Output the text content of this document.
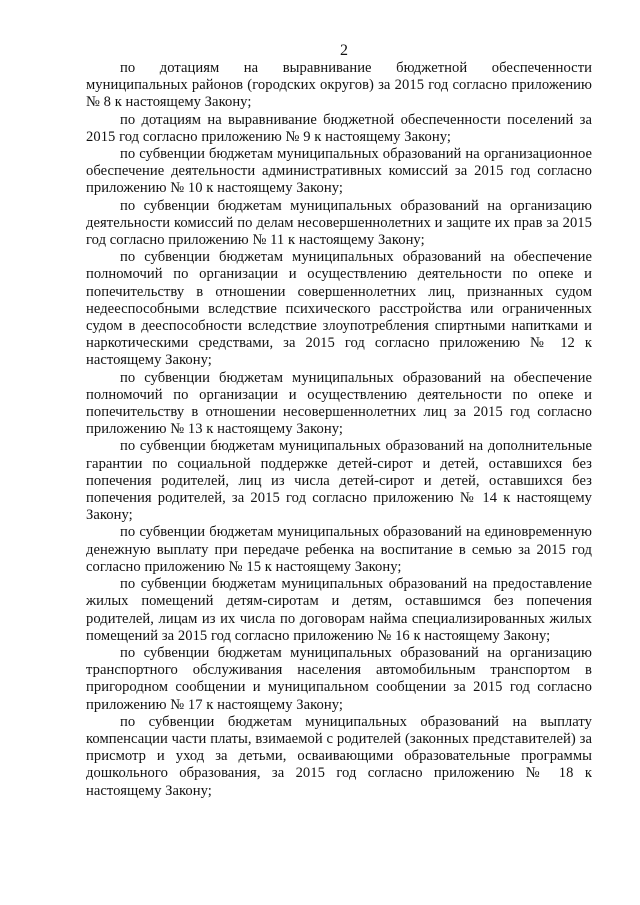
2

по дотациям на выравнивание бюджетной обеспеченности муниципальных районов (городских округов) за 2015 год согласно приложению № 8 к настоящему Закону;

по дотациям на выравнивание бюджетной обеспеченности поселений за 2015 год согласно приложению № 9 к настоящему Закону;

по субвенции бюджетам муниципальных образований на организационное обеспечение деятельности административных комиссий за 2015 год согласно приложению № 10 к настоящему Закону;

по субвенции бюджетам муниципальных образований на организацию деятельности комиссий по делам несовершеннолетних и защите их прав за 2015 год согласно приложению № 11 к настоящему Закону;

по субвенции бюджетам муниципальных образований на обеспечение полномочий по организации и осуществлению деятельности по опеке и попечительству в отношении совершеннолетних лиц, признанных судом недееспособными вследствие психического расстройства или ограниченных судом в дееспособности вследствие злоупотребления спиртными напитками и наркотическими средствами, за 2015 год согласно приложению № 12 к настоящему Закону;

по субвенции бюджетам муниципальных образований на обеспечение полномочий по организации и осуществлению деятельности по опеке и попечительству в отношении несовершеннолетних лиц за 2015 год согласно приложению № 13 к настоящему Закону;

по субвенции бюджетам муниципальных образований на дополнительные гарантии по социальной поддержке детей-сирот и детей, оставшихся без попечения родителей, лиц из числа детей-сирот и детей, оставшихся без попечения родителей, за 2015 год согласно приложению № 14 к настоящему Закону;

по субвенции бюджетам муниципальных образований на единовременную денежную выплату при передаче ребенка на воспитание в семью за 2015 год согласно приложению № 15 к настоящему Закону;

по субвенции бюджетам муниципальных образований на предоставление жилых помещений детям-сиротам и детям, оставшимся без попечения родителей, лицам из их числа по договорам найма специализированных жилых помещений за 2015 год согласно приложению № 16 к настоящему Закону;

по субвенции бюджетам муниципальных образований на организацию транспортного обслуживания населения автомобильным транспортом в пригородном сообщении и муниципальном сообщении за 2015 год согласно приложению № 17 к настоящему Закону;

по субвенции бюджетам муниципальных образований на выплату компенсации части платы, взимаемой с родителей (законных представителей) за присмотр и уход за детьми, осваивающими образовательные программы дошкольного образования, за 2015 год согласно приложению № 18 к настоящему Закону;
